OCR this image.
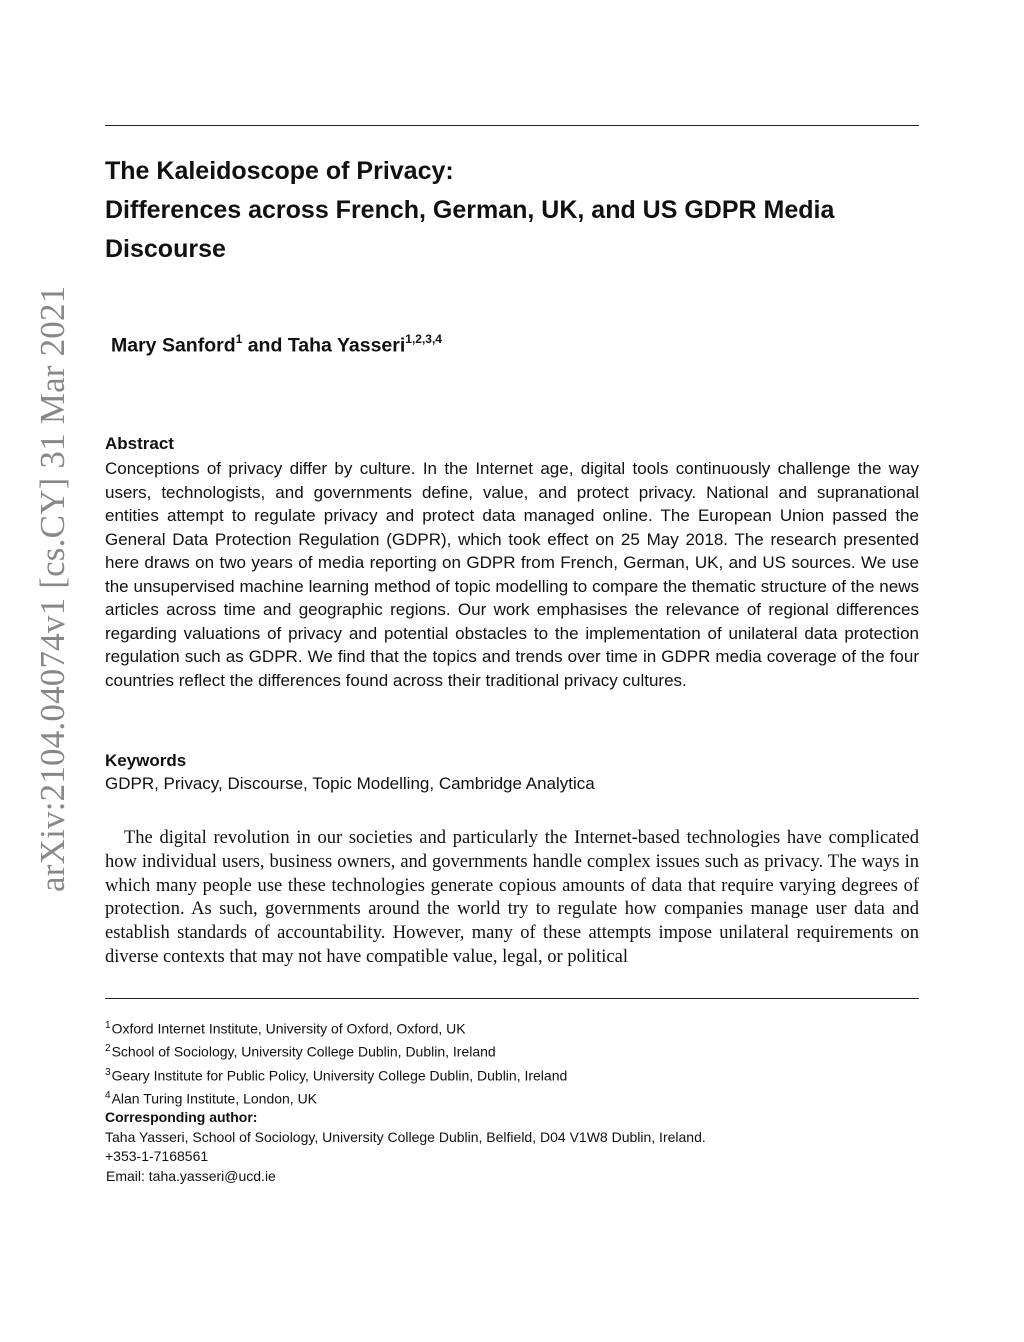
arXiv:2104.04074v1 [cs.CY] 31 Mar 2021
The Kaleidoscope of Privacy:
Differences across French, German, UK, and US GDPR Media
Discourse
Mary Sanford$^1$ and Taha Yasseri$^{1,2,3,4}$
Abstract

Conceptions of privacy differ by culture. In the Internet age, digital tools continuously challenge the way users, technologists, and governments define, value, and protect privacy. National and supranational entities attempt to regulate privacy and protect data managed online. The European Union passed the General Data Protection Regulation (GDPR), which took effect on 25 May 2018. The research presented here draws on two years of media reporting on GDPR from French, German, UK, and US sources. We use the unsupervised machine learning method of topic modelling to compare the thematic structure of the news articles across time and geographic regions. Our work emphasises the relevance of regional differences regarding valuations of privacy and potential obstacles to the implementation of unilateral data protection regulation such as GDPR. We find that the topics and trends over time in GDPR media coverage of the four countries reflect the differences found across their traditional privacy cultures.

Keywords
GDPR, Privacy, Discourse, Topic Modelling, Cambridge Analytica

The digital revolution in our societies and particularly the Internet-based technologies have complicated how individual users, business owners, and governments handle complex issues such as privacy. The ways in which many people use these technologies generate copious amounts of data that require varying degrees of protection. As such, governments around the world try to regulate how companies manage user data and establish standards of accountability. However, many of these attempts impose unilateral requirements on diverse contexts that may not have compatible value, legal, or political

$^1$Oxford Internet Institute, University of Oxford, Oxford, UK
$^2$School of Sociology, University College Dublin, Dublin, Ireland
$^3$Geary Institute for Public Policy, University College Dublin, Dublin, Ireland
$^4$Alan Turing Institute, London, UK
Corresponding author:
Taha Yasseri, School of Sociology, University College Dublin, Belfield, D04 V1W8 Dublin, Ireland.
+353-1-7168561
Email: taha.yasseri@ucd.ie
